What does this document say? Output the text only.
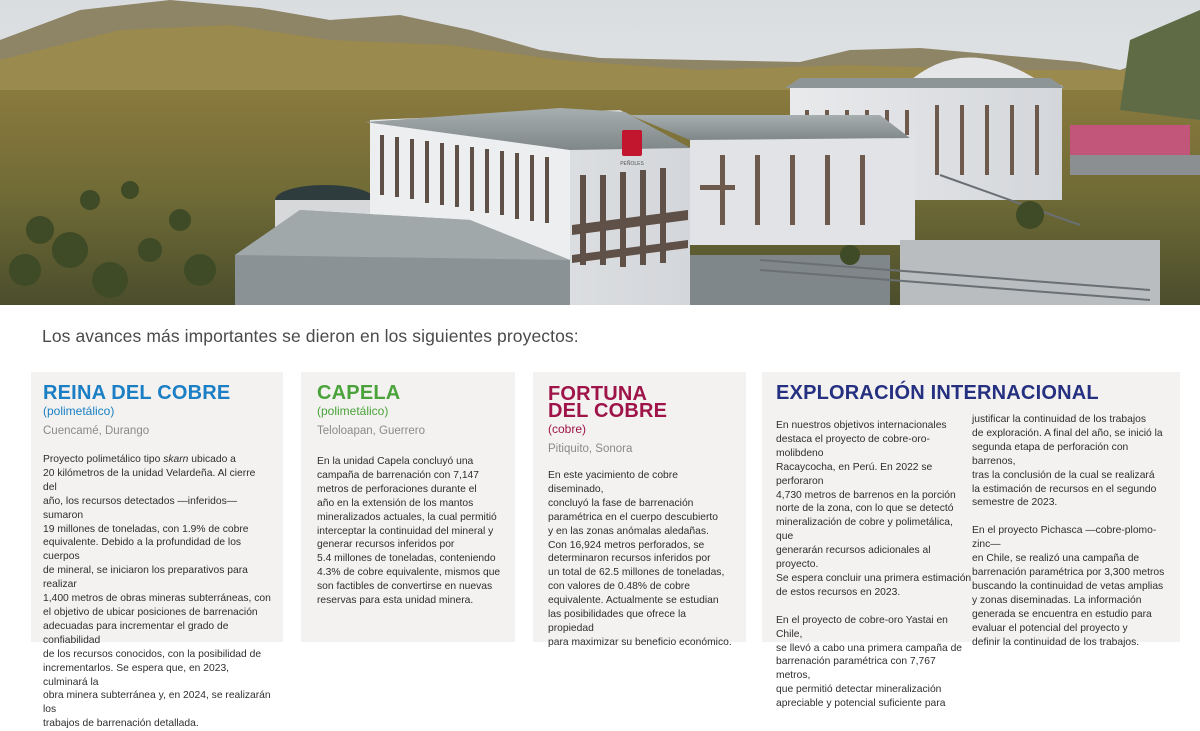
PEÑOLES
Los avances más importantes se dieron en los siguientes proyectos:
REINA DEL COBRE
(polimetálico)
Cuencamé, Durango
Proyecto polimetálico tipo skarn ubicado a
20 kilómetros de la unidad Velardeña. Al cierre del
año, los recursos detectados —inferidos— sumaron
19 millones de toneladas, con 1.9% de cobre
equivalente. Debido a la profundidad de los cuerpos
de mineral, se iniciaron los preparativos para realizar
1,400 metros de obras mineras subterráneas, con
el objetivo de ubicar posiciones de barrenación
adecuadas para incrementar el grado de confiabilidad
de los recursos conocidos, con la posibilidad de
incrementarlos. Se espera que, en 2023, culminará la
obra minera subterránea y, en 2024, se realizarán los
trabajos de barrenación detallada.
CAPELA
(polimetálico)
Teloloapan, Guerrero
En la unidad Capela concluyó una
campaña de barrenación con 7,147
metros de perforaciones durante el
año en la extensión de los mantos
mineralizados actuales, la cual permitió
interceptar la continuidad del mineral y
generar recursos inferidos por
5.4 millones de toneladas, conteniendo
4.3% de cobre equivalente, mismos que
son factibles de convertirse en nuevas
reservas para esta unidad minera.
FORTUNA
DEL COBRE
(cobre)
Pitiquito, Sonora
En este yacimiento de cobre diseminado,
concluyó la fase de barrenación
paramétrica en el cuerpo descubierto
y en las zonas anómalas aledañas.
Con 16,924 metros perforados, se
determinaron recursos inferidos por
un total de 62.5 millones de toneladas,
con valores de 0.48% de cobre
equivalente. Actualmente se estudian
las posibilidades que ofrece la propiedad
para maximizar su beneficio económico.
EXPLORACIÓN INTERNACIONAL
En nuestros objetivos internacionales
destaca el proyecto de cobre-oro-molibdeno
Racaycocha, en Perú. En 2022 se perforaron
4,730 metros de barrenos en la porción
norte de la zona, con lo que se detectó
mineralización de cobre y polimetálica, que
generarán recursos adicionales al proyecto.
Se espera concluir una primera estimación
de estos recursos en 2023.

En el proyecto de cobre-oro Yastai en Chile,
se llevó a cabo una primera campaña de
barrenación paramétrica con 7,767 metros,
que permitió detectar mineralización
apreciable y potencial suficiente para
justificar la continuidad de los trabajos
de exploración. A final del año, se inició la
segunda etapa de perforación con barrenos,
tras la conclusión de la cual se realizará
la estimación de recursos en el segundo
semestre de 2023.

En el proyecto Pichasca —cobre-plomo-zinc—
en Chile, se realizó una campaña de
barrenación paramétrica por 3,300 metros
buscando la continuidad de vetas amplias
y zonas diseminadas. La información
generada se encuentra en estudio para
evaluar el potencial del proyecto y
definir la continuidad de los trabajos.
